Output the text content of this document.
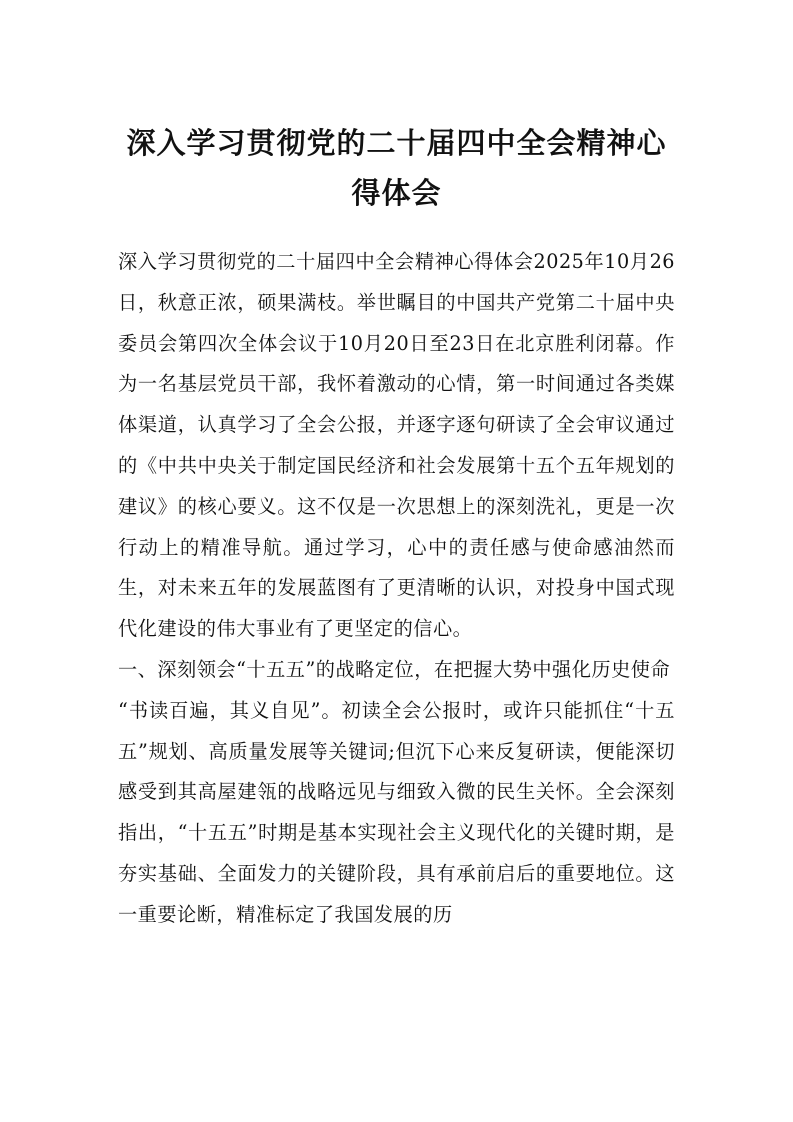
深入学习贯彻党的二十届四中全会精神心得体会

深入学习贯彻党的二十届四中全会精神心得体会2025年10月26日，秋意正浓，硕果满枝。举世瞩目的中国共产党第二十届中央委员会第四次全体会议于10月20日至23日在北京胜利闭幕。作为一名基层党员干部，我怀着激动的心情，第一时间通过各类媒体渠道，认真学习了全会公报，并逐字逐句研读了全会审议通过的《中共中央关于制定国民经济和社会发展第十五个五年规划的建议》的核心要义。这不仅是一次思想上的深刻洗礼，更是一次行动上的精准导航。通过学习，心中的责任感与使命感油然而生，对未来五年的发展蓝图有了更清晰的认识，对投身中国式现代化建设的伟大事业有了更坚定的信心。

一、深刻领会“十五五”的战略定位，在把握大势中强化历史使命

“书读百遍，其义自见”。初读全会公报时，或许只能抓住“十五五”规划、高质量发展等关键词;但沉下心来反复研读，便能深切感受到其高屋建瓴的战略远见与细致入微的民生关怀。全会深刻指出，“十五五”时期是基本实现社会主义现代化的关键时期，是夯实基础、全面发力的关键阶段，具有承前启后的重要地位。这一重要论断，精准标定了我国发展的历
